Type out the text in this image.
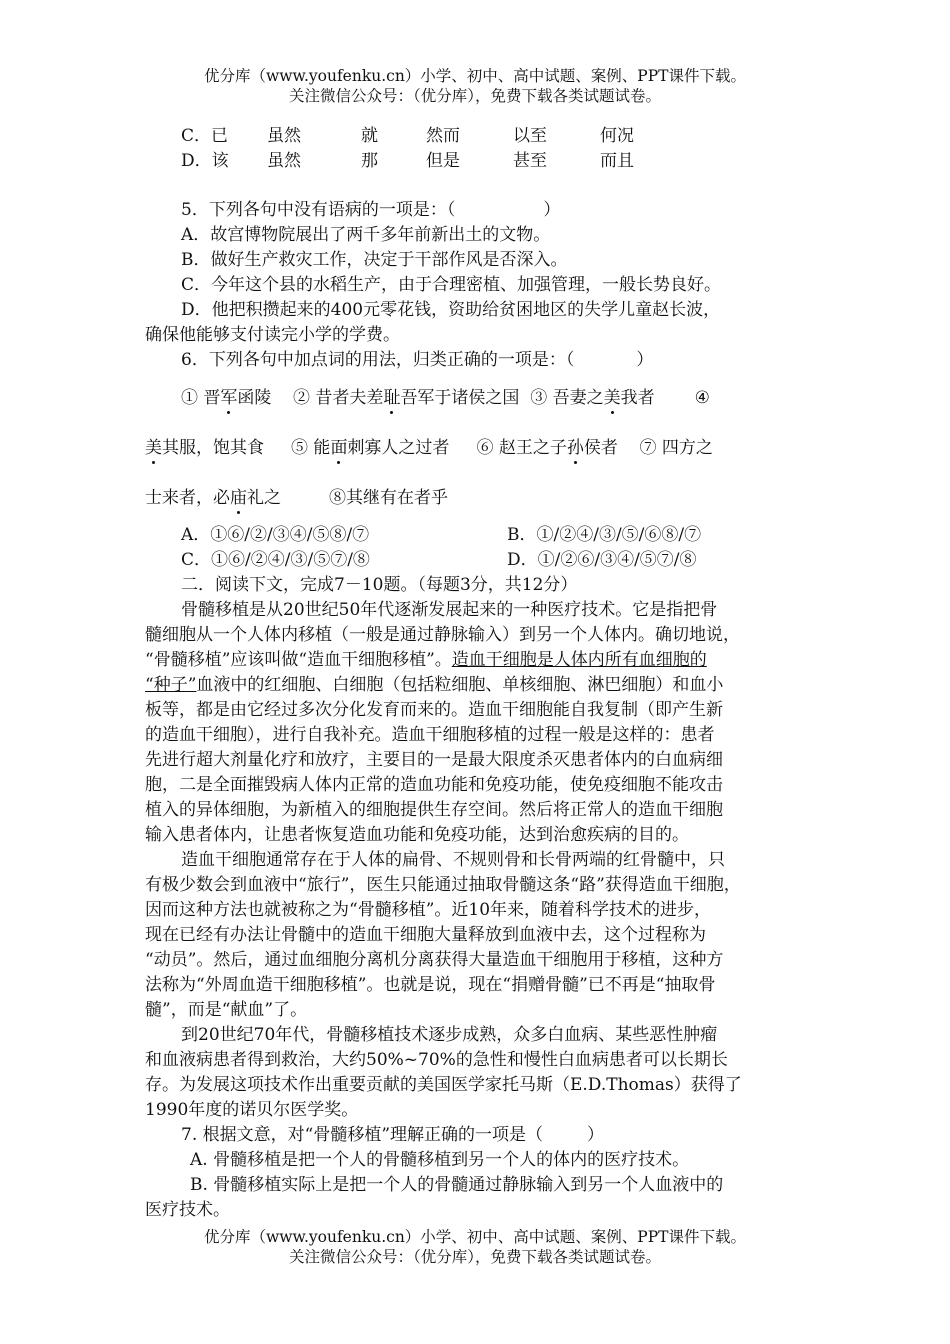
优分库（www.youfenku.cn）小学、初中、高中试题、案例、PPT课件下载。
关注微信公众号：（优分库），免费下载各类试题试卷。
C．已 虽然	就	然而	以至	何况
D．该 虽然	那	但是	甚至	而且
5．下列各句中没有语病的一项是：（	）
A．故宫博物院展出了两千多年前新出土的文物。
B．做好生产救灾工作，决定于干部作风是否深入。
C．今年这个县的水稻生产，由于合理密植、加强管理，一般长势良好。
D．他把积攒起来的400元零花钱，资助给贫困地区的失学儿童赵长波，
确保他能够支付读完小学的学费。
6．下列各句中加点词的用法，归类正确的一项是：（	）
① 晋军函陵 ② 昔者夫差耻吾军于诸侯之国 ③ 吾妻之美我者 ④
美其服，饱其食 ⑤ 能面刺寡人之过者 ⑥ 赵王之子孙侯者 ⑦ 四方之
士来者，必庙礼之	⑧其继有在者乎
A．①⑥/②/③④/⑤⑧/⑦	B．①/②④/③/⑤/⑥⑧/⑦
C．①⑥/②④/③/⑤⑦/⑧	D．①/②⑥/③④/⑤⑦/⑧
二．阅读下文，完成7－10题。（每题3分，共12分）
骨髓移植是从20世纪50年代逐渐发展起来的一种医疗技术。它是指把骨
髓细胞从一个人体内移植（一般是通过静脉输入）到另一个人体内。确切地说，
“骨髓移植”应该叫做“造血干细胞移植”。造血干细胞是人体内所有血细胞的
“种子”血液中的红细胞、白细胞（包括粒细胞、单核细胞、淋巴细胞）和血小
板等，都是由它经过多次分化发育而来的。造血干细胞能自我复制（即产生新
的造血干细胞），进行自我补充。造血干细胞移植的过程一般是这样的：患者
先进行超大剂量化疗和放疗，主要目的一是最大限度杀灭患者体内的白血病细
胞，二是全面摧毁病人体内正常的造血功能和免疫功能，使免疫细胞不能攻击
植入的异体细胞，为新植入的细胞提供生存空间。然后将正常人的造血干细胞
输入患者体内，让患者恢复造血功能和免疫功能，达到治愈疾病的目的。
造血干细胞通常存在于人体的扁骨、不规则骨和长骨两端的红骨髓中，只
有极少数会到血液中“旅行”，医生只能通过抽取骨髓这条“路”获得造血干细胞，
因而这种方法也就被称之为“骨髓移植”。近10年来，随着科学技术的进步，
现在已经有办法让骨髓中的造血干细胞大量释放到血液中去，这个过程称为
“动员”。然后，通过血细胞分离机分离获得大量造血干细胞用于移植，这种方
法称为“外周血造干细胞移植”。也就是说，现在“捐赠骨髓”已不再是“抽取骨
髓”，而是“献血”了。
到20世纪70年代，骨髓移植技术逐步成熟，众多白血病、某些恶性肿瘤
和血液病患者得到救治，大约50%~70%的急性和慢性白血病患者可以长期长
存。为发展这项技术作出重要贡献的美国医学家托马斯（E.D.Thomas）获得了
1990年度的诺贝尔医学奖。
7. 根据文意，对“骨髓移植”理解正确的一项是（	）
A. 骨髓移植是把一个人的骨髓移植到另一个人的体内的医疗技术。
B. 骨髓移植实际上是把一个人的骨髓通过静脉输入到另一个人血液中的
医疗技术。
优分库（www.youfenku.cn）小学、初中、高中试题、案例、PPT课件下载。
关注微信公众号：（优分库），免费下载各类试题试卷。
